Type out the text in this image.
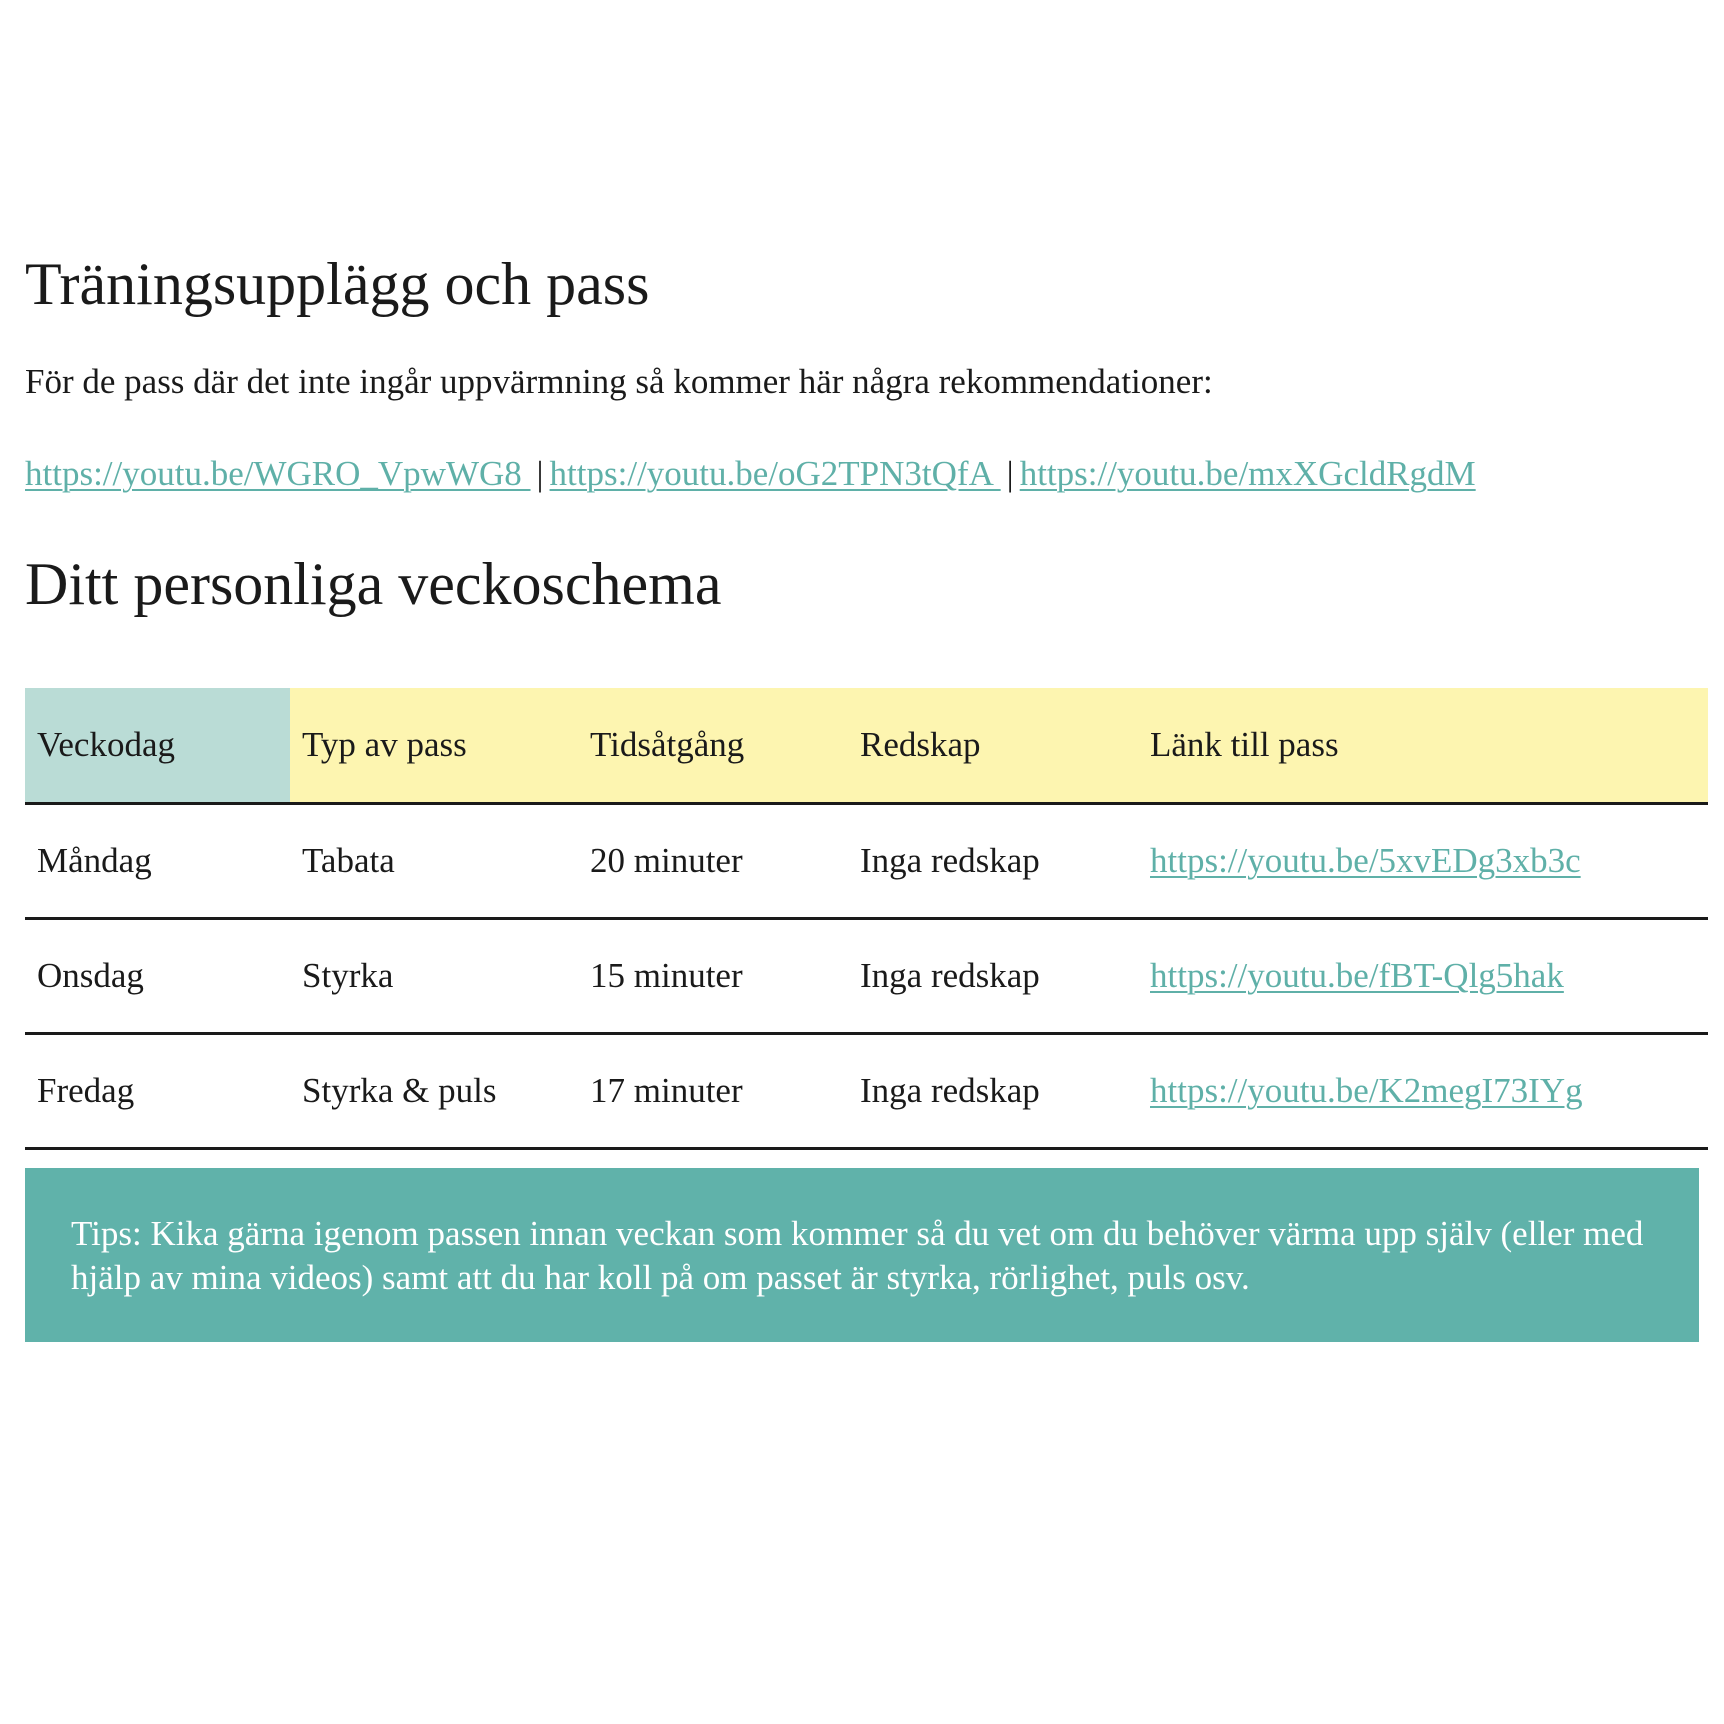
Träningsupplägg och pass

För de pass där det inte ingår uppvärmning så kommer här några rekommendationer:

https://youtu.be/WGRO_VpwWG8 | https://youtu.be/oG2TPN3tQfA | https://youtu.be/mxXGcldRgdM
Ditt personliga veckoschema
Veckodag	Typ av pass	Tidsåtgång	Redskap	Länk till pass
Måndag	Tabata	20 minuter	Inga redskap	https://youtu.be/5xvEDg3xb3c
Onsdag	Styrka	15 minuter	Inga redskap	https://youtu.be/fBT-Qlg5hak
Fredag	Styrka & puls	17 minuter	Inga redskap	https://youtu.be/K2megI73IYg
Tips: Kika gärna igenom passen innan veckan som kommer så du vet om du behöver värma upp själv (eller med hjälp av mina videos) samt att du har koll på om passet är styrka, rörlighet, puls osv.
